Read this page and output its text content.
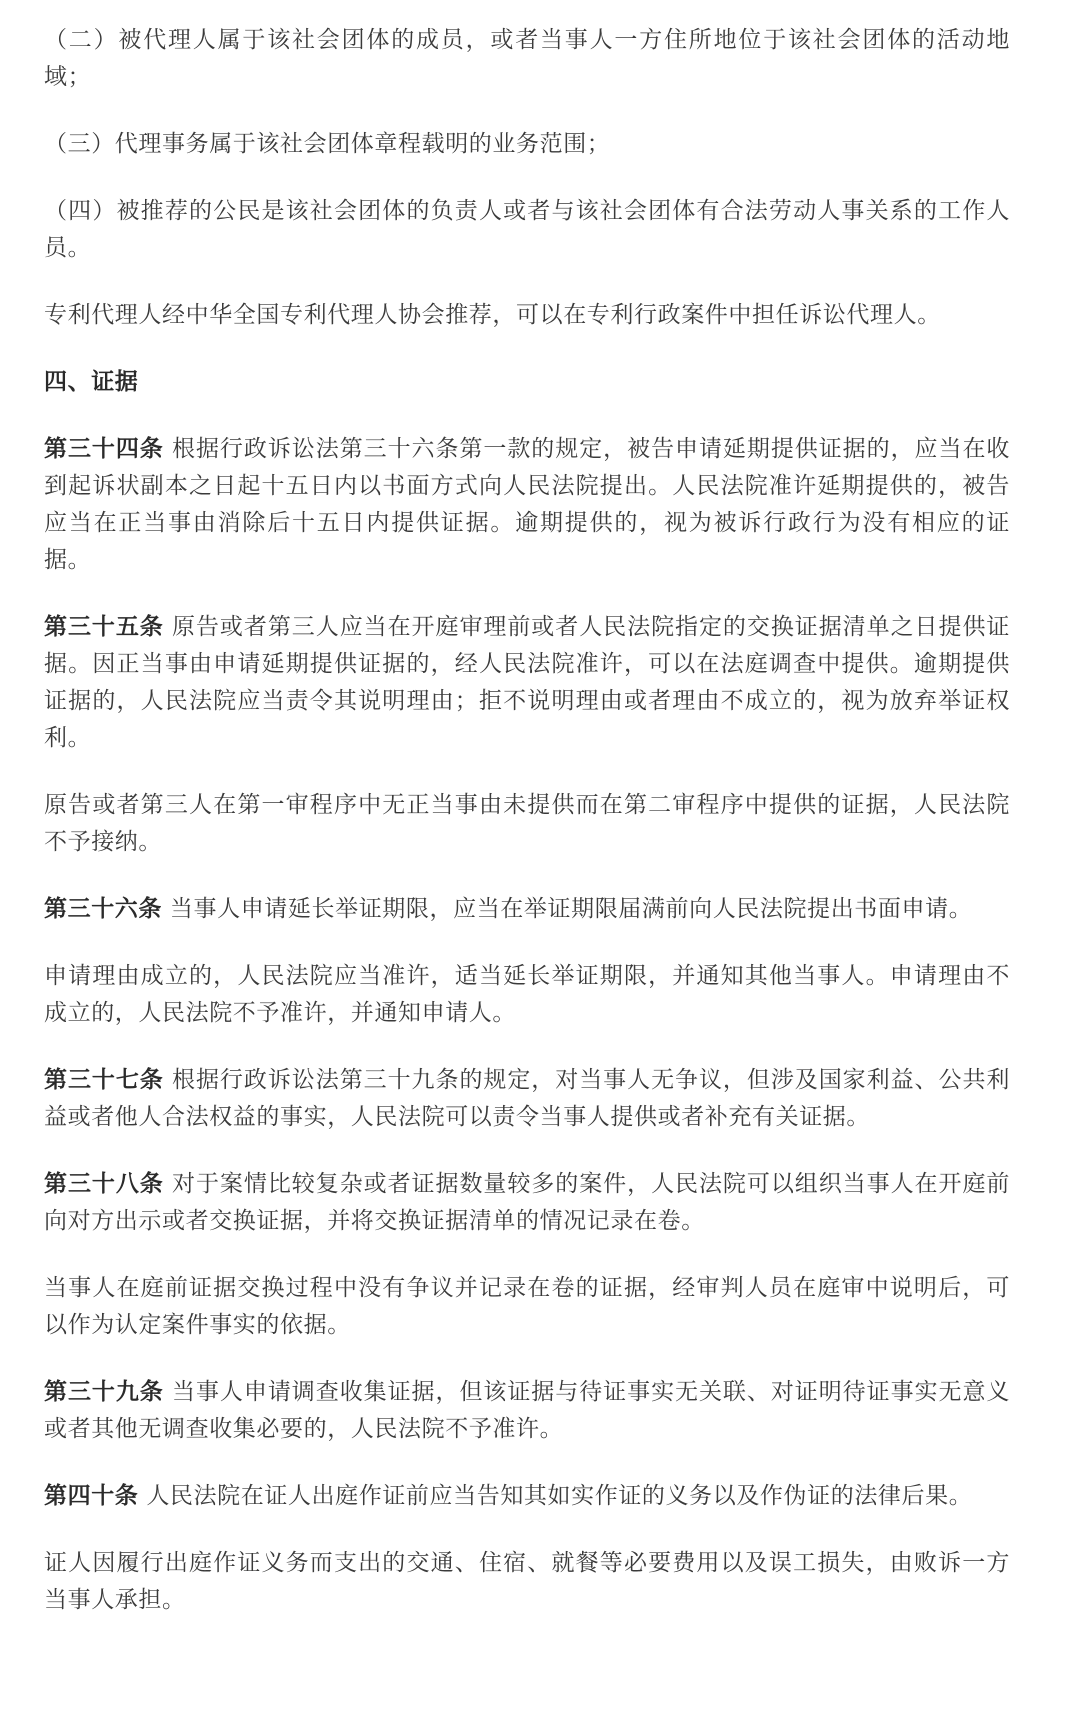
（二）被代理人属于该社会团体的成员，或者当事人一方住所地位于该社会团体的活动地域；

（三）代理事务属于该社会团体章程载明的业务范围；

（四）被推荐的公民是该社会团体的负责人或者与该社会团体有合法劳动人事关系的工作人员。

专利代理人经中华全国专利代理人协会推荐，可以在专利行政案件中担任诉讼代理人。

四、证据

第三十四条 根据行政诉讼法第三十六条第一款的规定，被告申请延期提供证据的，应当在收到起诉状副本之日起十五日内以书面方式向人民法院提出。人民法院准许延期提供的，被告应当在正当事由消除后十五日内提供证据。逾期提供的，视为被诉行政行为没有相应的证据。

第三十五条 原告或者第三人应当在开庭审理前或者人民法院指定的交换证据清单之日提供证据。因正当事由申请延期提供证据的，经人民法院准许，可以在法庭调查中提供。逾期提供证据的，人民法院应当责令其说明理由；拒不说明理由或者理由不成立的，视为放弃举证权利。

原告或者第三人在第一审程序中无正当事由未提供而在第二审程序中提供的证据，人民法院不予接纳。

第三十六条 当事人申请延长举证期限，应当在举证期限届满前向人民法院提出书面申请。

申请理由成立的，人民法院应当准许，适当延长举证期限，并通知其他当事人。申请理由不成立的，人民法院不予准许，并通知申请人。

第三十七条 根据行政诉讼法第三十九条的规定，对当事人无争议，但涉及国家利益、公共利益或者他人合法权益的事实，人民法院可以责令当事人提供或者补充有关证据。

第三十八条 对于案情比较复杂或者证据数量较多的案件，人民法院可以组织当事人在开庭前向对方出示或者交换证据，并将交换证据清单的情况记录在卷。

当事人在庭前证据交换过程中没有争议并记录在卷的证据，经审判人员在庭审中说明后，可以作为认定案件事实的依据。

第三十九条 当事人申请调查收集证据，但该证据与待证事实无关联、对证明待证事实无意义或者其他无调查收集必要的，人民法院不予准许。

第四十条 人民法院在证人出庭作证前应当告知其如实作证的义务以及作伪证的法律后果。

证人因履行出庭作证义务而支出的交通、住宿、就餐等必要费用以及误工损失，由败诉一方当事人承担。
